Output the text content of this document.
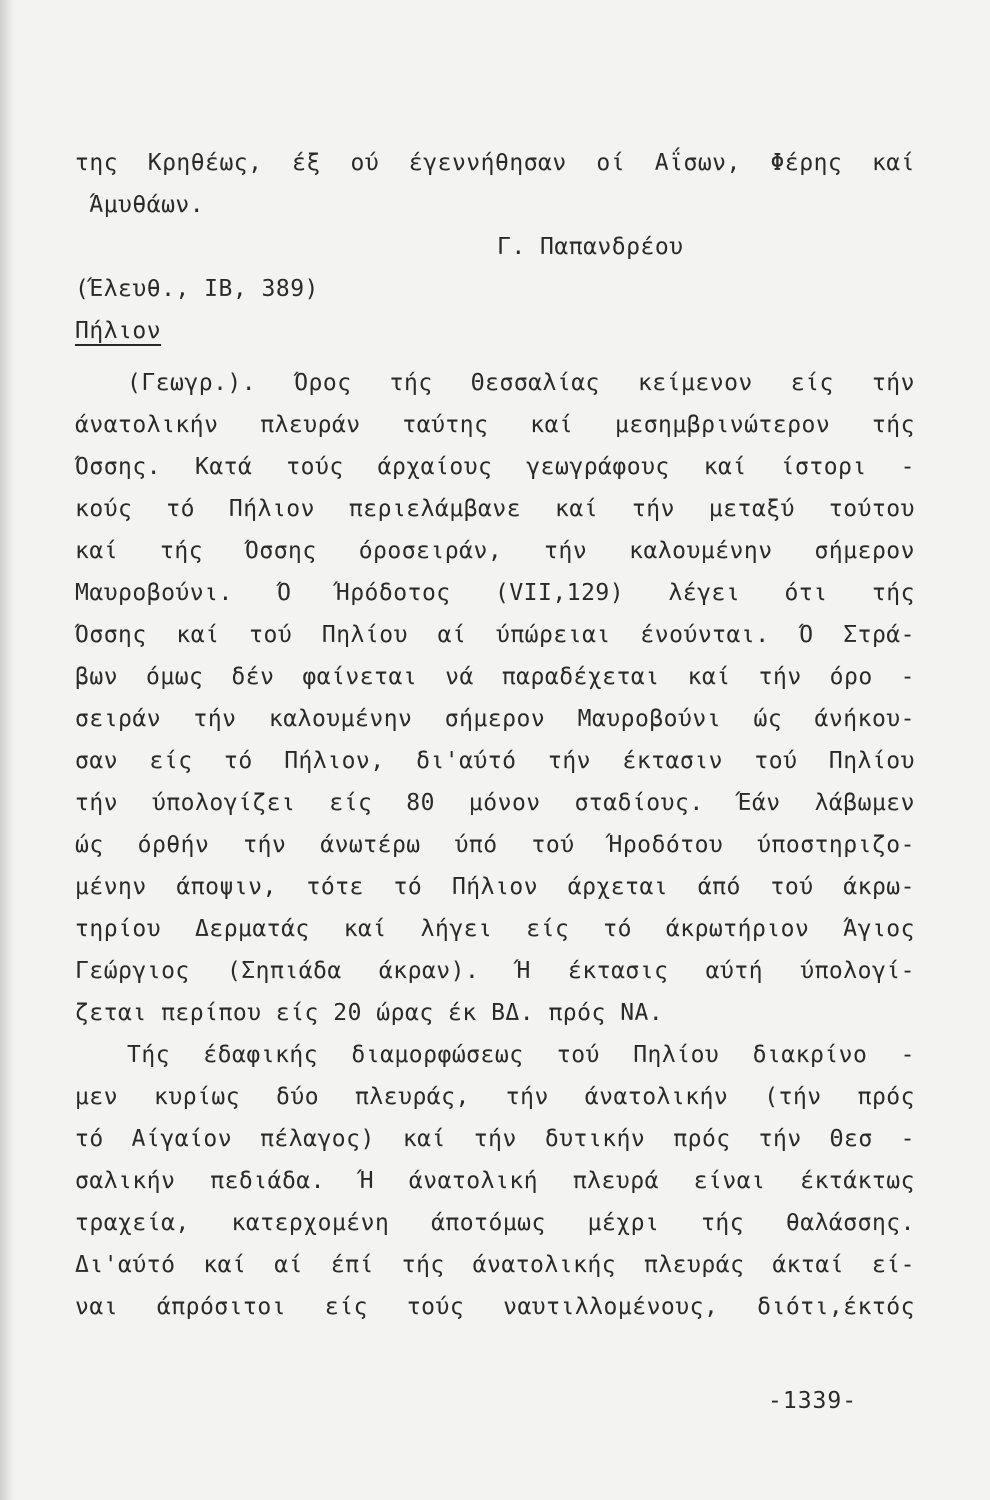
της Κρηθέως, έξ ού έγεννήθησαν οί Αΐσων, Φέρης καί
Άμυθάων.
Γ. Παπανδρέου
(Έλευθ., ΙΒ, 389)
Πήλιον
(Γεωγρ.). Όρος τής Θεσσαλίας κείμενον είς τήν
άνατολικήν πλευράν ταύτης καί μεσημβρινώτερον τής
Όσσης. Κατά τούς άρχαίους γεωγράφους καί ίστορι -
κούς τό Πήλιον περιελάμβανε καί τήν μεταξύ τούτου
καί τής Όσσης όροσειράν, τήν καλουμένην σήμερον
Μαυροβούνι. Ό Ήρόδοτος (VII,129) λέγει ότι τής
Όσσης καί τού Πηλίου αί ύπώρειαι ένούνται. Ό Στρά-
βων όμως δέν φαίνεται νά παραδέχεται καί τήν όρο -
σειράν τήν καλουμένην σήμερον Μαυροβούνι ώς άνήκου-
σαν είς τό Πήλιον, δι'αύτό τήν έκτασιν τού Πηλίου
τήν ύπολογίζει είς 80 μόνον σταδίους. Έάν λάβωμεν
ώς όρθήν τήν άνωτέρω ύπό τού Ήροδότου ύποστηριζο-
μένην άποψιν, τότε τό Πήλιον άρχεται άπό τού άκρω-
τηρίου Δερματάς καί λήγει είς τό άκρωτήριον Άγιος
Γεώργιος (Σηπιάδα άκραν). Ή έκτασις αύτή ύπολογί-
ζεται περίπου είς 20 ώρας έκ ΒΔ. πρός ΝΑ.
Τής έδαφικής διαμορφώσεως τού Πηλίου διακρίνο -
μεν κυρίως δύο πλευράς, τήν άνατολικήν (τήν πρός
τό Αίγαίον πέλαγος) καί τήν δυτικήν πρός τήν Θεσ -
σαλικήν πεδιάδα. Ή άνατολική πλευρά είναι έκτάκτως
τραχεία, κατερχομένη άποτόμως μέχρι τής θαλάσσης.
Δι'αύτό καί αί έπί τής άνατολικής πλευράς άκταί εί-
ναι άπρόσιτοι είς τούς ναυτιλλομένους, διότι,έκτός
-1339-
